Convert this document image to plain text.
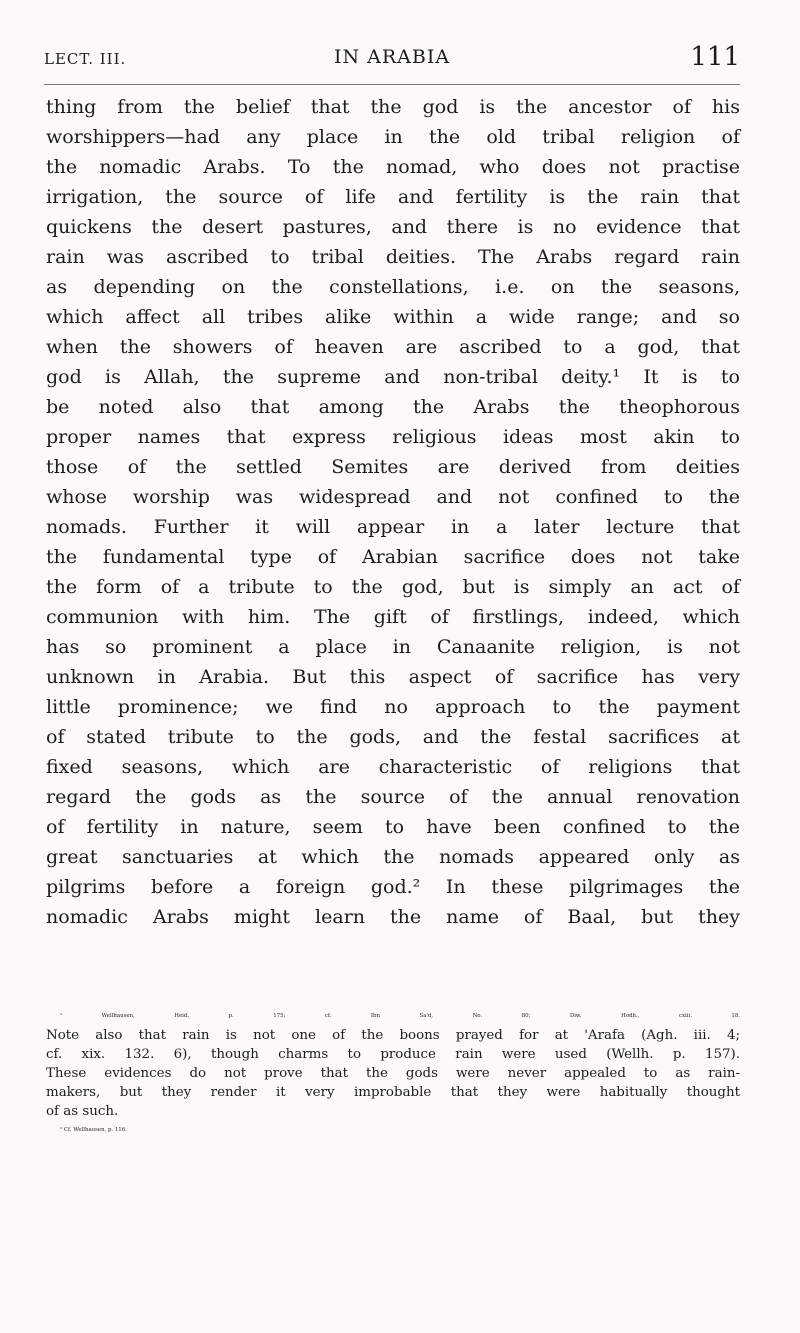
LECT. III.	IN ARABIA	111
thing from the belief that the god is the ancestor of his
worshippers—had any place in the old tribal religion of
the nomadic Arabs. To the nomad, who does not practise
irrigation, the source of life and fertility is the rain that
quickens the desert pastures, and there is no evidence that
rain was ascribed to tribal deities. The Arabs regard rain
as depending on the constellations, i.e. on the seasons,
which affect all tribes alike within a wide range; and so
when the showers of heaven are ascribed to a god, that
god is Allah, the supreme and non-tribal deity.¹ It is to
be noted also that among the Arabs the theophorous
proper names that express religious ideas most akin to
those of the settled Semites are derived from deities
whose worship was widespread and not confined to the
nomads. Further it will appear in a later lecture that
the fundamental type of Arabian sacrifice does not take
the form of a tribute to the god, but is simply an act of
communion with him. The gift of firstlings, indeed, which
has so prominent a place in Canaanite religion, is not
unknown in Arabia. But this aspect of sacrifice has very
little prominence; we find no approach to the payment
of stated tribute to the gods, and the festal sacrifices at
fixed seasons, which are characteristic of religions that
regard the gods as the source of the annual renovation
of fertility in nature, seem to have been confined to the
great sanctuaries at which the nomads appeared only as
pilgrims before a foreign god.² In these pilgrimages the
nomadic Arabs might learn the name of Baal, but they
¹ Wellhausen, Heid. p. 175; cf. Ibn Sa'd, No. 80; Diw. Hodh., cxiii. 18.
Note also that rain is not one of the boons prayed for at 'Arafa (Agh. iii. 4;
cf. xix. 132. 6), though charms to produce rain were used (Wellh. p. 157).
These evidences do not prove that the gods were never appealed to as rain-
makers, but they render it very improbable that they were habitually thought
of as such.
² Cf. Wellhausen, p. 116.
